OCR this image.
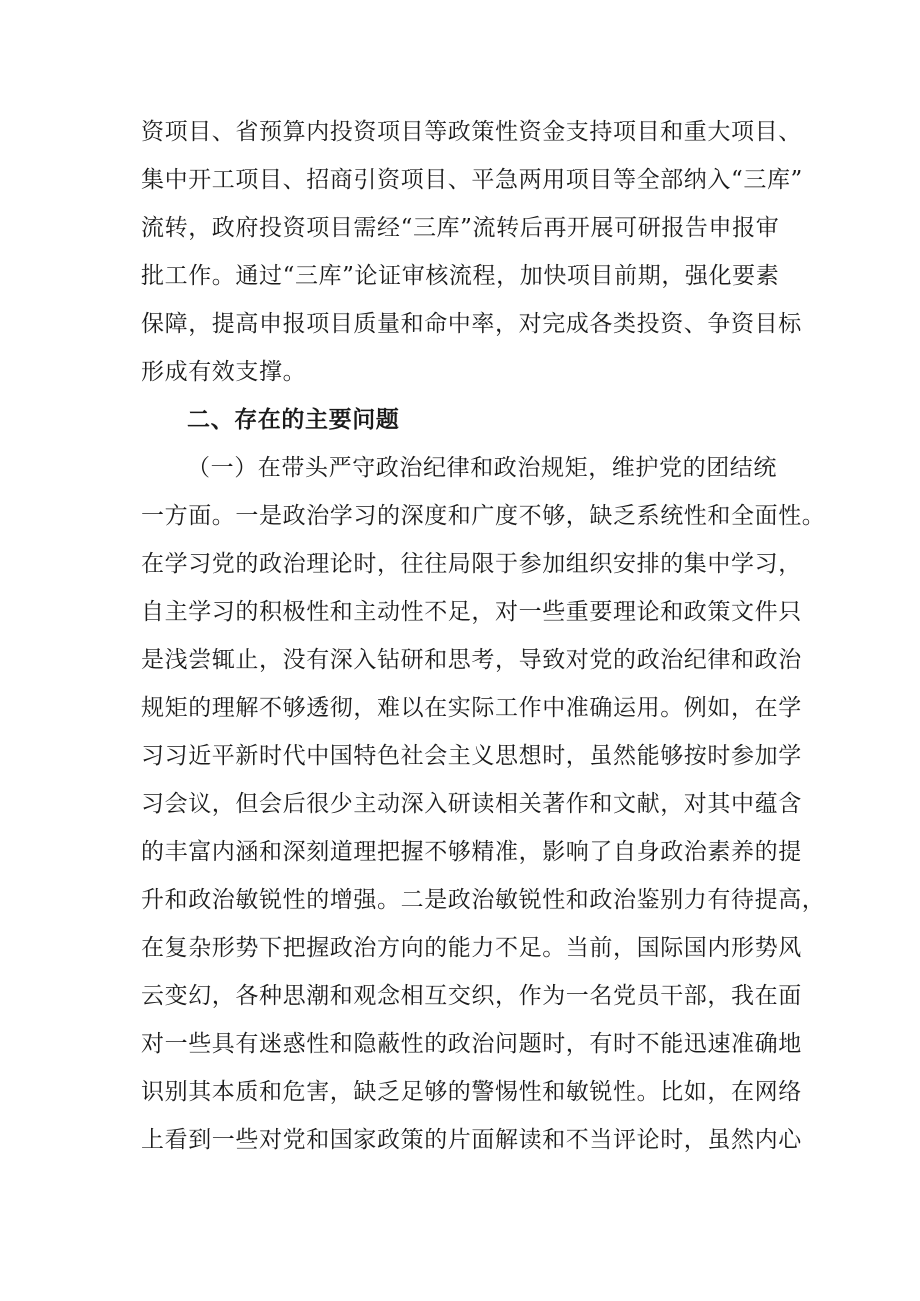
资项目、省预算内投资项目等政策性资金支持项目和重大项目、
集中开工项目、招商引资项目、平急两用项目等全部纳入“三库”
流转，政府投资项目需经“三库”流转后再开展可研报告申报审
批工作。通过“三库”论证审核流程，加快项目前期，强化要素
保障，提高申报项目质量和命中率，对完成各类投资、争资目标
形成有效支撑。
二、存在的主要问题
（一）在带头严守政治纪律和政治规矩，维护党的团结统
一方面。一是政治学习的深度和广度不够，缺乏系统性和全面性。
在学习党的政治理论时，往往局限于参加组织安排的集中学习，
自主学习的积极性和主动性不足，对一些重要理论和政策文件只
是浅尝辄止，没有深入钻研和思考，导致对党的政治纪律和政治
规矩的理解不够透彻，难以在实际工作中准确运用。例如，在学
习习近平新时代中国特色社会主义思想时，虽然能够按时参加学
习会议，但会后很少主动深入研读相关著作和文献，对其中蕴含
的丰富内涵和深刻道理把握不够精准，影响了自身政治素养的提
升和政治敏锐性的增强。二是政治敏锐性和政治鉴别力有待提高，
在复杂形势下把握政治方向的能力不足。当前，国际国内形势风
云变幻，各种思潮和观念相互交织，作为一名党员干部，我在面
对一些具有迷惑性和隐蔽性的政治问题时，有时不能迅速准确地
识别其本质和危害，缺乏足够的警惕性和敏锐性。比如，在网络
上看到一些对党和国家政策的片面解读和不当评论时，虽然内心
